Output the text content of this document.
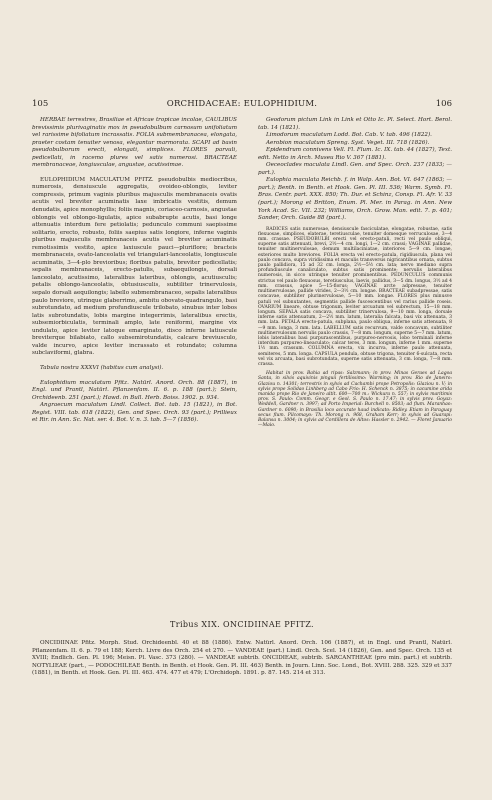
105	ORCHIDACEAE: EULOPHIDIUM.	106

HERBAE terrestres, Brasiliae et Africae tropicae incolae, CAULIBUS brevissimis plurivaginatis mox in pseudobulbum carnosum unifoliatum vel rarissime bifoliatum incrassatis. FOLIA submembranacea, elongata, praeter costam tenuiter venosa, elegantur marmorata. SCAPI ad basin pseudobulborum erecti, elongati, simplices. FLORES parvuli, pedicellati, in racemo plures vel satis numerosi. BRACTEAE membranaceae, longiusculae, angustae, acutissimae.

EULOPHIDIUM MACULATUM PFITZ. pseudobulbis mediocribus, numerosis, densiuscule aggregatis, ovoideo-oblongis, leviter compressis, primum vaginis pluribus majusculis membranaceis ovatis acutis vel breviter acuminatis laxe imbricatis vestitis, demum denudatis, apice monophyllis; foliis magnis, coriaceo-carnosis, angustae oblongis vel oblongo-ligulatis, apice subabrupte acutis, basi longe attenuatis interdum fere petiolatis; pedunculo communi saepissime solitario, erecto, robusto, foliis saepius satis longiore, inferne vaginis pluribus majusculis membranaceis acutis vel breviter acuminatis remotissimis vestito, apice laxiuscule pauci—pluriflore; bracteis membranaceis, ovato-lanceolatis vel triangulari-lanceolatis, longiuscule acuminatis, 3—4-plo brevioribus; floribus patulis, breviter pedicellatis; sepalis membranaceis, erecto-patulis, subaequilongis, dorsali lanceolato, acutissimo, lateralibus lateribus, oblongis, acutiusculis; petalis oblongo-lanceolatis, obtusiusculis, subtiliter trinervulosis, sepalo dorsali aequilongis; labello submembranaceo, sepalis lateralibus paulo breviore, utrinque glaberrimo, ambitu obovato-quadrangulo, basi subrotundato, ad medium profundiuscule trilobato, sinubus inter lobos latis subrotundatis, lobis margine integerrimis, lateralibus erectis, subsemiorbiculatis, terminali amplo, late reniformi, margine vix undulato, apice leviter latoque emarginato, disco inferne latiuscule breviterque bilabiato, callo subsemirotundatis, calcare breviusculo, valde incurvo, apice leviter incrassato et rotundato; columna subclaviformi, glabra.

Tabula nostra XXXVI (habitus cum analysi).

Eulophidium maculatum Pfitz. Natürl. Anord. Orch. 88 (1887), in Engl. und Prantl, Natürl. Pflanzenfam. II. 6. p. 188 (part.); Stein, Orchideenb. 251 (part.); Hawd. in Bull. Herb. Boiss. 1902. p. 934.

Angraecum maculatum Lindl. Collect. Bot. tab. 15 (1821), in Bot. Regist. VIII. tab. 618 (1822), Gen. and Spec. Orch. 93 (part.); Prillieux et Rir. in Ann. Sc. Nat. ser. 4. Bot. V. n. 3. tab. 5—7 (1856).

Geodorum pictum Link in Link et Otto Ic. Pl. Select. Hort. Berol. tab. 14 (1821).

Limodorum maculatum Lodd. Bot. Cab. V. tab. 496 (1822).

Aerobion maculatum Spreng. Syst. Veget. III. 718 (1826).

Epidendrum connivens Vell. Fl. Flum. Ic. IX. tab. 44 (1827), Text. edit. Netto in Arch. Museu Rio V. 367 (1881).

Oeceoclades maculata Lindl. Gen. and Spec. Orch. 237 (1833; — part.).

Eulophia maculata Reichb. f. in Walp. Ann. Bot. VI. 647 (1863; — part.); Benth. in Benth. et Hook. Gen. Pl. III. 536; Warm. Symb. Fl. Bras. Centr. part. XXX. 850; Th. Dur. et Schinz, Consp. Fl. Afr. V. 33 (part.); Morong et Britton, Enum. Pl. Mer. in Parag. in Ann. New York Acad. Sc. VII. 232; Williams, Orch. Grow. Man. edit. 7. p. 401; Sander, Orch. Guide 88 (part.).

RADICES satis numerosae, densiuscule fasciculatae, elongatae, robustae, satis flexuosae, simplices, elaterae, teretiusculae, tenuiter domesque verruculosae, 3—4 mm. crassae. PSEUDOBULBI erecti vel erecto-patuli, recti vel paulo obliqui, superne satis attenuati, brevi, 2½—4 cm. longi, 1—2 cm. crassi; VAGINAE pallidae, tenuiter multinervulosae, demum multilaciniatae, interiores 5—9 cm. longae, exteriores multo breviores. FOLIA erecta vel erecto-patula, rigidiuscula, plana vel paulo concava, supra viridissima et maculis transversis nigricantibus ornata, subtus paulo pallidiora, 15 ad 32 cm. longa, 2½—5½ cm. lata; nervo mediano supra profundiuscule canaliculato, subtus satis prominente; nervulis lateralibus numerosis, in sicco utrinque tenuiter prominentibus. PEDUNCULUS communis strictus vel paulo flexuosus, teretiusculus, laevis, pallidus, 3—5 dm. longus, 3½ ad 4 mm. crassus, apice 5—15-florus; VAGINAE arcte adpressae, tenuiter multinervulosae, pallide virides, 2—3½ cm. longae. BRACTEAE subadpressae, satis concavae, subtiliter plurinervulosae, 5—10 mm. longae. FLORES plus minusve patuli vel subnutantes, segmentis pallide fuscescentibus vel rarius pallide roseis. OVARIUM lineare, obtuse trigonum, leviter arcuatum vel subrectum, 15—18 mm. longum. SEPALA satis concava, subtiliter trinervulosa, 9—10 mm. longa, dorsale inferne satis attenuatum, 2—2½ mm. latum, lateralia falcata, basi vix attenuata, 3 mm. lata. PETALA erecto-patula, subplana, paulo obliqua, inferne satis attenuata, 8—9 mm. longa, 3 mm. lata. LABELLUM satis recurvum, valde concavum, subtiliter multinervulosum nervulis paulo crassis, 7—8 mm. longum, superne 5—7 mm. latum, lobis lateralibus basi purpurascentibus, purpureo-nervosis, lobo terminali inferne interdum purpureo-lineaculato; calcar teres, 3 mm. longum, inferne 1 mm. superne 1½ mm. crassum. COLUMNA erecta, vix incurva, inferne paulo attenuata, semiteres, 5 mm. longa. CAPSULA pendula, obtuse trigona, tenuiter 6-sulcata, recta vel vix arcuata, basi subrotundata, superne satis attenuata, 3 cm. longa, 7—8 mm. crassa.

Habitat in prov. Bahia ad ripas: Salzmann; in prov. Minas Geraes ad Lagoa Santa, in silvis aquivinis pinguii fertilissimo: Warming; in prov. Rio de Janeiro: Glaziou n. 14301; terrestris in sylvis ad Cachambi prope Petropolis: Glaziou n. V; in sylvis prope Solidao Linhberg ad Cabo Frio: H. Schenck n. 3875; in cacumine arida manida prope Rio de Janeiro altit. 600—700 m.: Wickura n. 557; in sylvis maritimis prov. S. Paulo: Comm. Geogr. e Geol. S. Paulo n. 17.47; in sylvis prov. Goyaz: Weddell, Gardner n. 3997; ad Porto Imperial: Burchell n. 8503; ad flum. Maranhao: Gardner n. 6090; in Brasilia loco accurate haud indicato: Ridley. Etiam in Paraguay secus flum. Pilcomayo: Th. Morong n. 968, Graham Kerr; in sylvis ad Guarapi: Balansa n. 3004; in sylvis ad Cordillera de Altos: Hassler n. 2942. — Floret Januario—Maio.

Tribus XIX. ONCIDIINAE PFITZ.

ONCIDIINAE Pfitz. Morph. Stud. Orchideenbl. 40 et 88 (1886). Entw. Natürl. Anord. Orch. 106 (1887), et in Engl. und Prantl, Natürl. Pflanzenfam. II. 6. p. 79 et 188; Kerch. Livre des Orch. 254 et 270. — VANDEAE (part.) Lindl. Orch. Scel. 14 (1826), Gen. and Spec. Orch. 135 et XVIII; Endlich. Gen. Pl. 196; Meisn. Pl. Vasc. 373 (280). — VANDEAE subtrib. ONCIDIEAE, subtrib. SARCANTHEAE (pro min. part.) et subtrib. NOTYLIEAE (part., — PODOCHILEAE Benth. in Benth. et Hook. Gen. Pl. III. 463) Benth. in Journ. Linn. Soc. Lond., Bot. XVIII. 288. 325. 329 et 337 (1881), in Benth. et Hook. Gen. Pl. III. 463. 474. 477 et 479; L'Orchidoph. 1891. p. 87. 145. 214 et 313.
